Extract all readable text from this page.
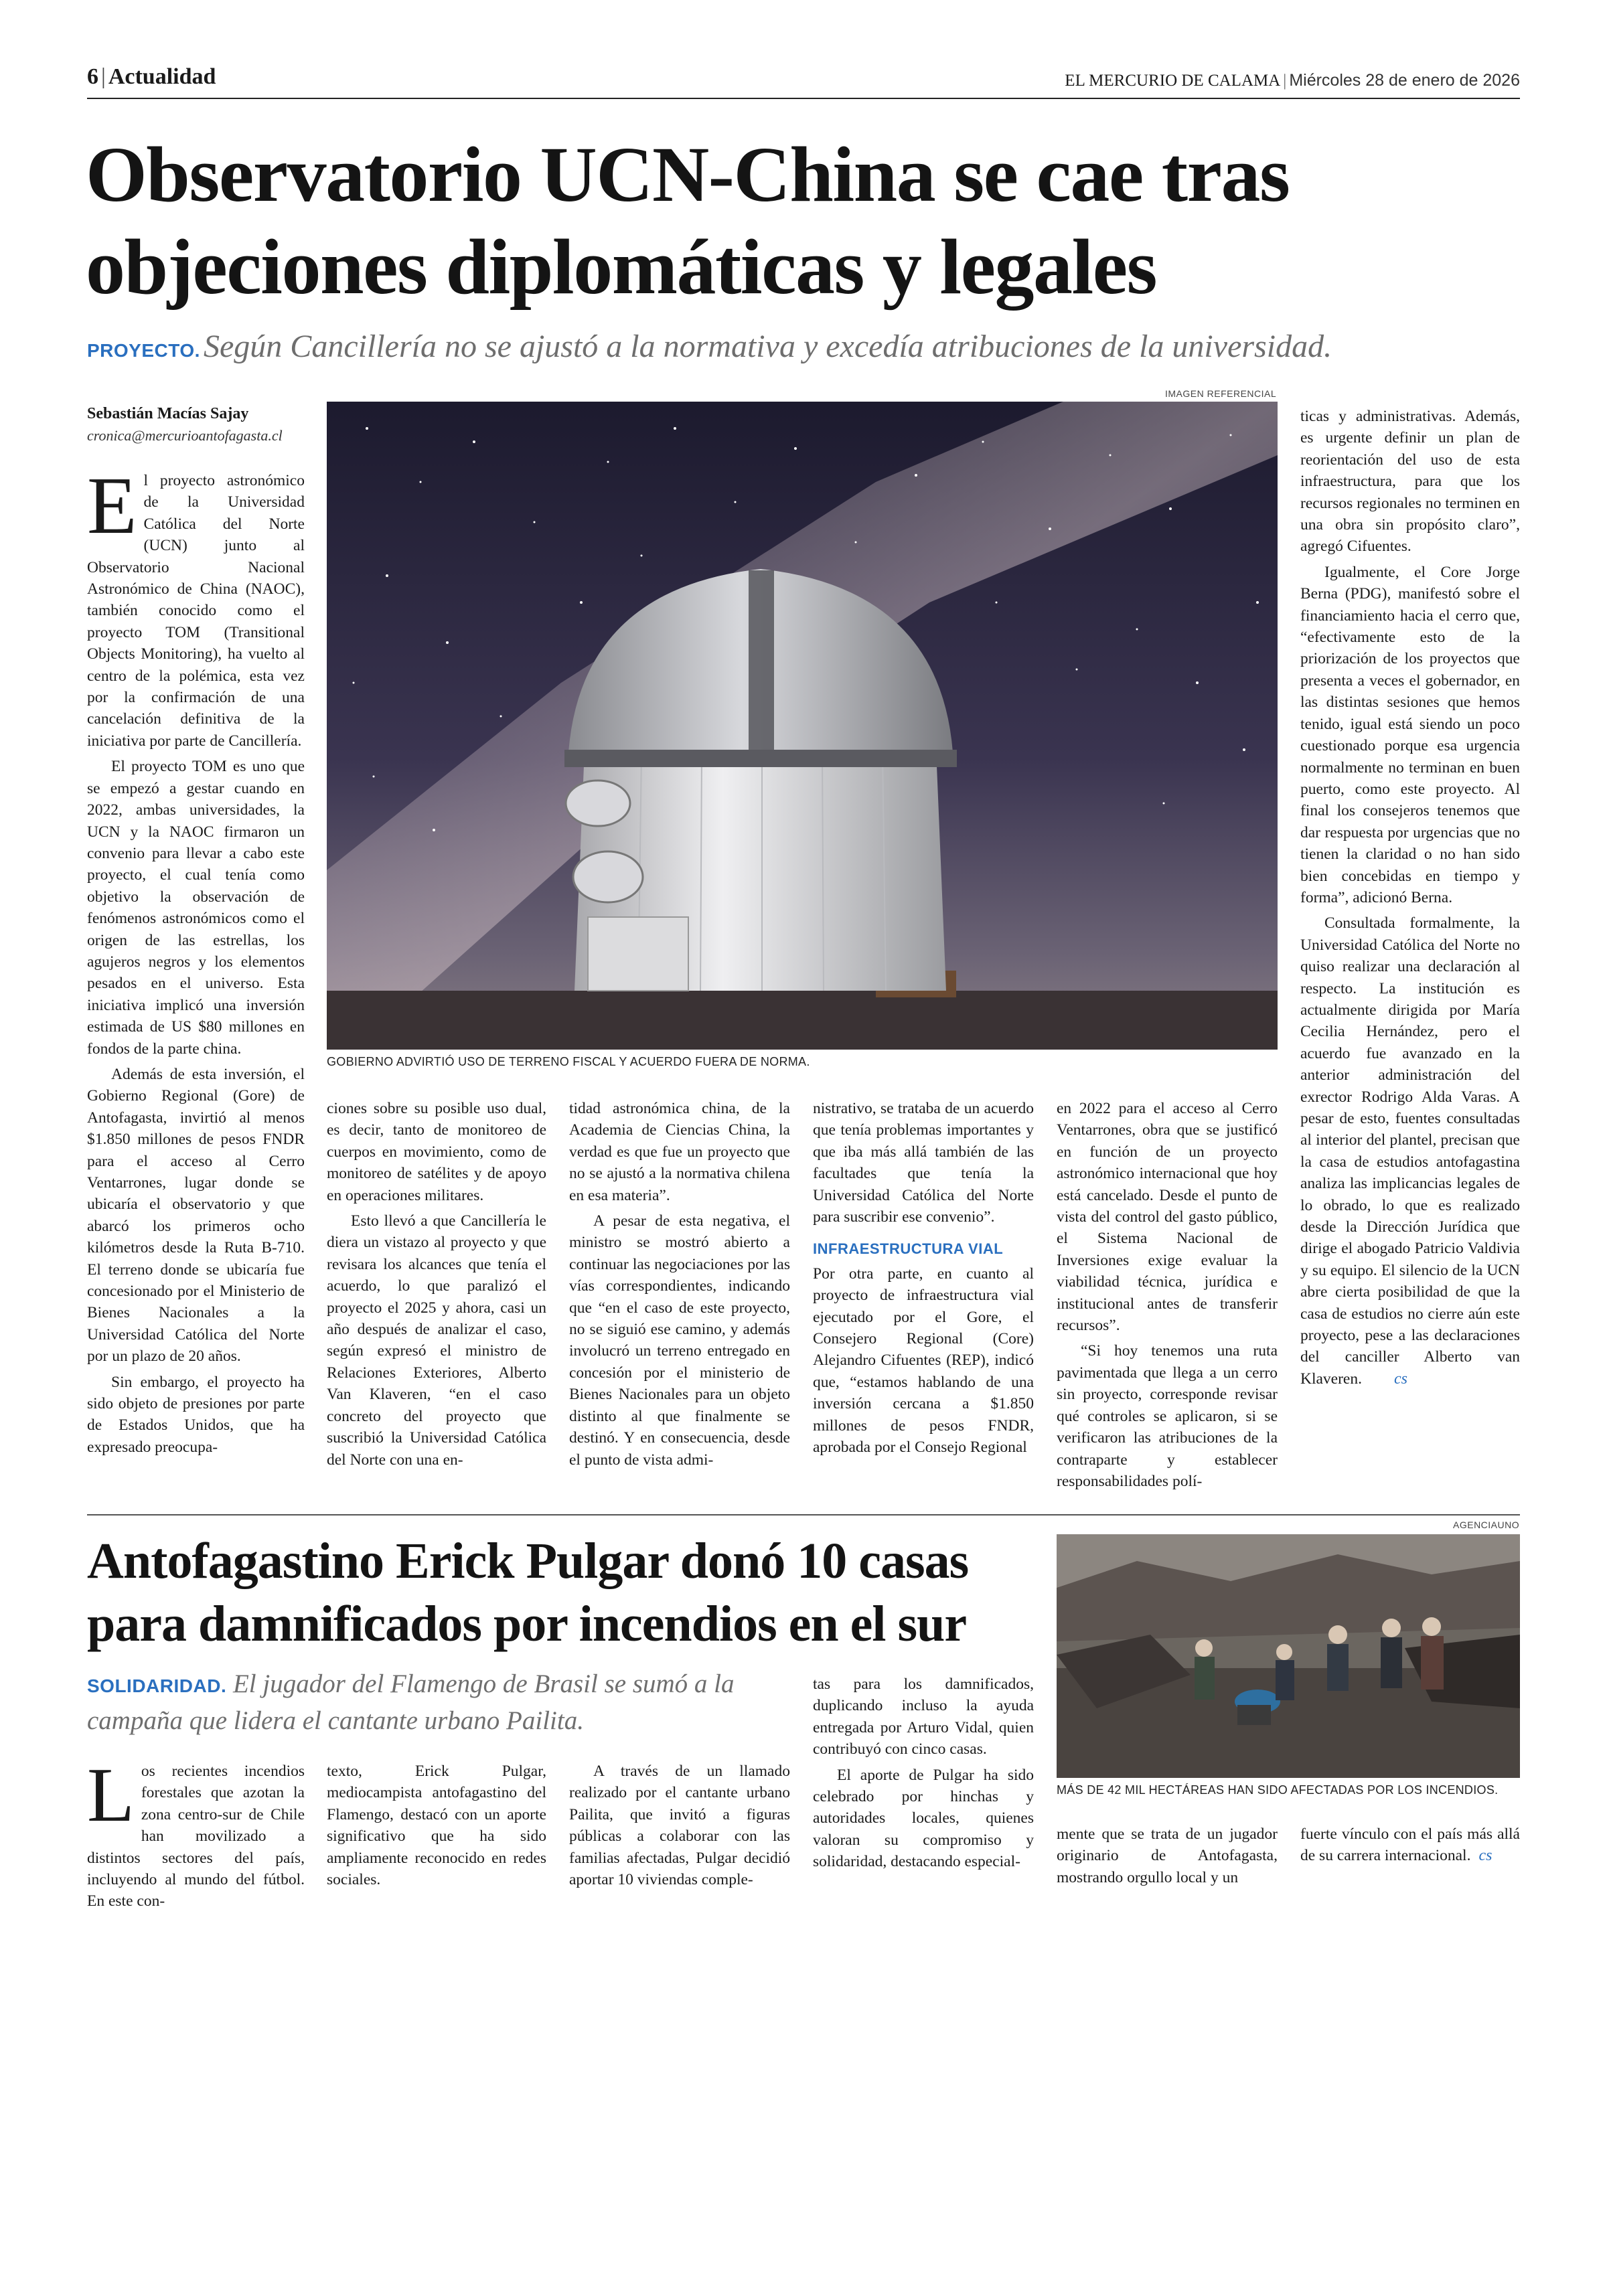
6 | Actualidad	EL MERCURIO DE CALAMA | Miércoles 28 de enero de 2026
Observatorio UCN-China se cae tras objeciones diplomáticas y legales
PROYECTO. Según Cancillería no se ajustó a la normativa y excedía atribuciones de la universidad.
Sebastián Macías Sajay
cronica@mercurioantofagasta.cl
IMAGEN REFERENCIAL
GOBIERNO ADVIRTIÓ USO DE TERRENO FISCAL Y ACUERDO FUERA DE NORMA.

El proyecto astronómico de la Universidad Católica del Norte (UCN) junto al Observatorio Nacional Astronómico de China (NAOC), también conocido como el proyecto TOM (Transitional Objects Monitoring), ha vuelto al centro de la polémica, esta vez por la confirmación de una cancelación definitiva de la iniciativa por parte de Cancillería.

El proyecto TOM es uno que se empezó a gestar cuando en 2022, ambas universidades, la UCN y la NAOC firmaron un convenio para llevar a cabo este proyecto, el cual tenía como objetivo la observación de fenómenos astronómicos como el origen de las estrellas, los agujeros negros y los elementos pesados en el universo. Esta iniciativa implicó una inversión estimada de US $80 millones en fondos de la parte china.

Además de esta inversión, el Gobierno Regional (Gore) de Antofagasta, invirtió al menos $1.850 millones de pesos FNDR para el acceso al Cerro Ventarrones, lugar donde se ubicaría el observatorio y que abarcó los primeros ocho kilómetros desde la Ruta B-710. El terreno donde se ubicaría fue concesionado por el Ministerio de Bienes Nacionales a la Universidad Católica del Norte por un plazo de 20 años.

Sin embargo, el proyecto ha sido objeto de presiones por parte de Estados Unidos, que ha expresado preocupa-

ciones sobre su posible uso dual, es decir, tanto de monitoreo de cuerpos en movimiento, como de monitoreo de satélites y de apoyo en operaciones militares.

Esto llevó a que Cancillería le diera un vistazo al proyecto y que revisara los alcances que tenía el acuerdo, lo que paralizó el proyecto el 2025 y ahora, casi un año después de analizar el caso, según expresó el ministro de Relaciones Exteriores, Alberto Van Klaveren, “en el caso concreto del proyecto que suscribió la Universidad Católica del Norte con una en-

tidad astronómica china, de la Academia de Ciencias China, la verdad es que fue un proyecto que no se ajustó a la normativa chilena en esa materia”.

A pesar de esta negativa, el ministro se mostró abierto a continuar las negociaciones por las vías correspondientes, indicando que “en el caso de este proyecto, no se siguió ese camino, y además involucró un terreno entregado en concesión por el ministerio de Bienes Nacionales para un objeto distinto al que finalmente se destinó. Y en consecuencia, desde el punto de vista admi-

nistrativo, se trataba de un acuerdo que tenía problemas importantes y que iba más allá también de las facultades que tenía la Universidad Católica del Norte para suscribir ese convenio”.

INFRAESTRUCTURA VIAL

Por otra parte, en cuanto al proyecto de infraestructura vial ejecutado por el Gore, el Consejero Regional (Core) Alejandro Cifuentes (REP), indicó que, “estamos hablando de una inversión cercana a $1.850 millones de pesos FNDR, aprobada por el Consejo Regional

en 2022 para el acceso al Cerro Ventarrones, obra que se justificó en función de un proyecto astronómico internacional que hoy está cancelado. Desde el punto de vista del control del gasto público, el Sistema Nacional de Inversiones exige evaluar la viabilidad técnica, jurídica e institucional antes de transferir recursos”.

“Si hoy tenemos una ruta pavimentada que llega a un cerro sin proyecto, corresponde revisar qué controles se aplicaron, si se verificaron las atribuciones de la contraparte y establecer responsabilidades polí-

ticas y administrativas. Además, es urgente definir un plan de reorientación del uso de esta infraestructura, para que los recursos regionales no terminen en una obra sin propósito claro”, agregó Cifuentes.

Igualmente, el Core Jorge Berna (PDG), manifestó sobre el financiamiento hacia el cerro que, “efectivamente esto de la priorización de los proyectos que presenta a veces el gobernador, en las distintas sesiones que hemos tenido, igual está siendo un poco cuestionado porque esa urgencia normalmente no terminan en buen puerto, como este proyecto. Al final los consejeros tenemos que dar respuesta por urgencias que no tienen la claridad o no han sido bien concebidas en tiempo y forma”, adicionó Berna.

Consultada formalmente, la Universidad Católica del Norte no quiso realizar una declaración al respecto. La institución es actualmente dirigida por María Cecilia Hernández, pero el acuerdo fue avanzado en la anterior administración del exrector Rodrigo Alda Varas. A pesar de esto, fuentes consultadas al interior del plantel, precisan que la casa de estudios antofagastina analiza las implicancias legales de lo obrado, lo que es realizado desde la Dirección Jurídica que dirige el abogado Patricio Valdivia y su equipo. El silencio de la UCN abre cierta posibilidad de que la casa de estudios no cierre aún este proyecto, pese a las declaraciones del canciller Alberto van Klaveren. cs

Antofagastino Erick Pulgar donó 10 casas para damnificados por incendios en el sur
SOLIDARIDAD. El jugador del Flamengo de Brasil se sumó a la campaña que lidera el cantante urbano Pailita.
AGENCIAUNO
MÁS DE 42 MIL HECTÁREAS HAN SIDO AFECTADAS POR LOS INCENDIOS.

Los recientes incendios forestales que azotan la zona centro-sur de Chile han movilizado a distintos sectores del país, incluyendo al mundo del fútbol. En este con-

texto, Erick Pulgar, mediocampista antofagastino del Flamengo, destacó con un aporte significativo que ha sido ampliamente reconocido en redes sociales.

A través de un llamado realizado por el cantante urbano Pailita, que invitó a figuras públicas a colaborar con las familias afectadas, Pulgar decidió aportar 10 viviendas comple-

tas para los damnificados, duplicando incluso la ayuda entregada por Arturo Vidal, quien contribuyó con cinco casas.

El aporte de Pulgar ha sido celebrado por hinchas y autoridades locales, quienes valoran su compromiso y solidaridad, destacando especial-

mente que se trata de un jugador originario de Antofagasta, mostrando orgullo local y un

fuerte vínculo con el país más allá de su carrera internacional. cs
